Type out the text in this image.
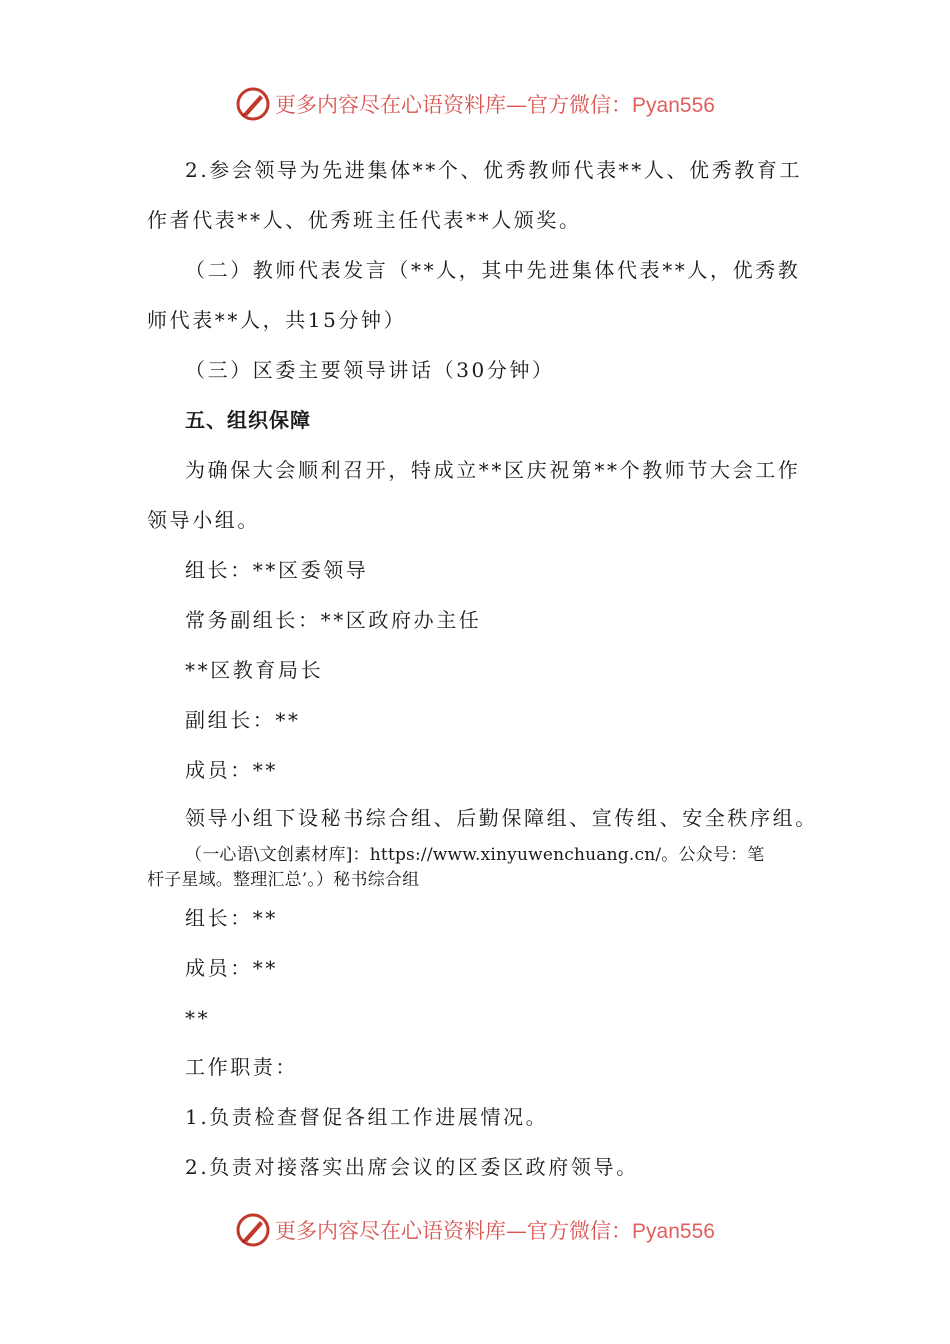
更多内容尽在心语资料库—官方微信：Pyan556
2.参会领导为先进集体**个、优秀教师代表**人、优秀教育工
作者代表**人、优秀班主任代表**人颁奖。
（二）教师代表发言（**人，其中先进集体代表**人，优秀教
师代表**人，共15分钟）
（三）区委主要领导讲话（30分钟）
五、组织保障
为确保大会顺利召开，特成立**区庆祝第**个教师节大会工作
领导小组。
组长：**区委领导
常务副组长：**区政府办主任
**区教育局长
副组长：**
成员：**
领导小组下设秘书综合组、后勤保障组、宣传组、安全秩序组。
（一心语\文创素材库]：https://www.xinyuwenchuang.cn/。公众号：笔
杆子星域。整理汇总’。）秘书综合组
组长：**
成员：**
**
工作职责：
1.负责检查督促各组工作进展情况。
2.负责对接落实出席会议的区委区政府领导。
更多内容尽在心语资料库—官方微信：Pyan556
